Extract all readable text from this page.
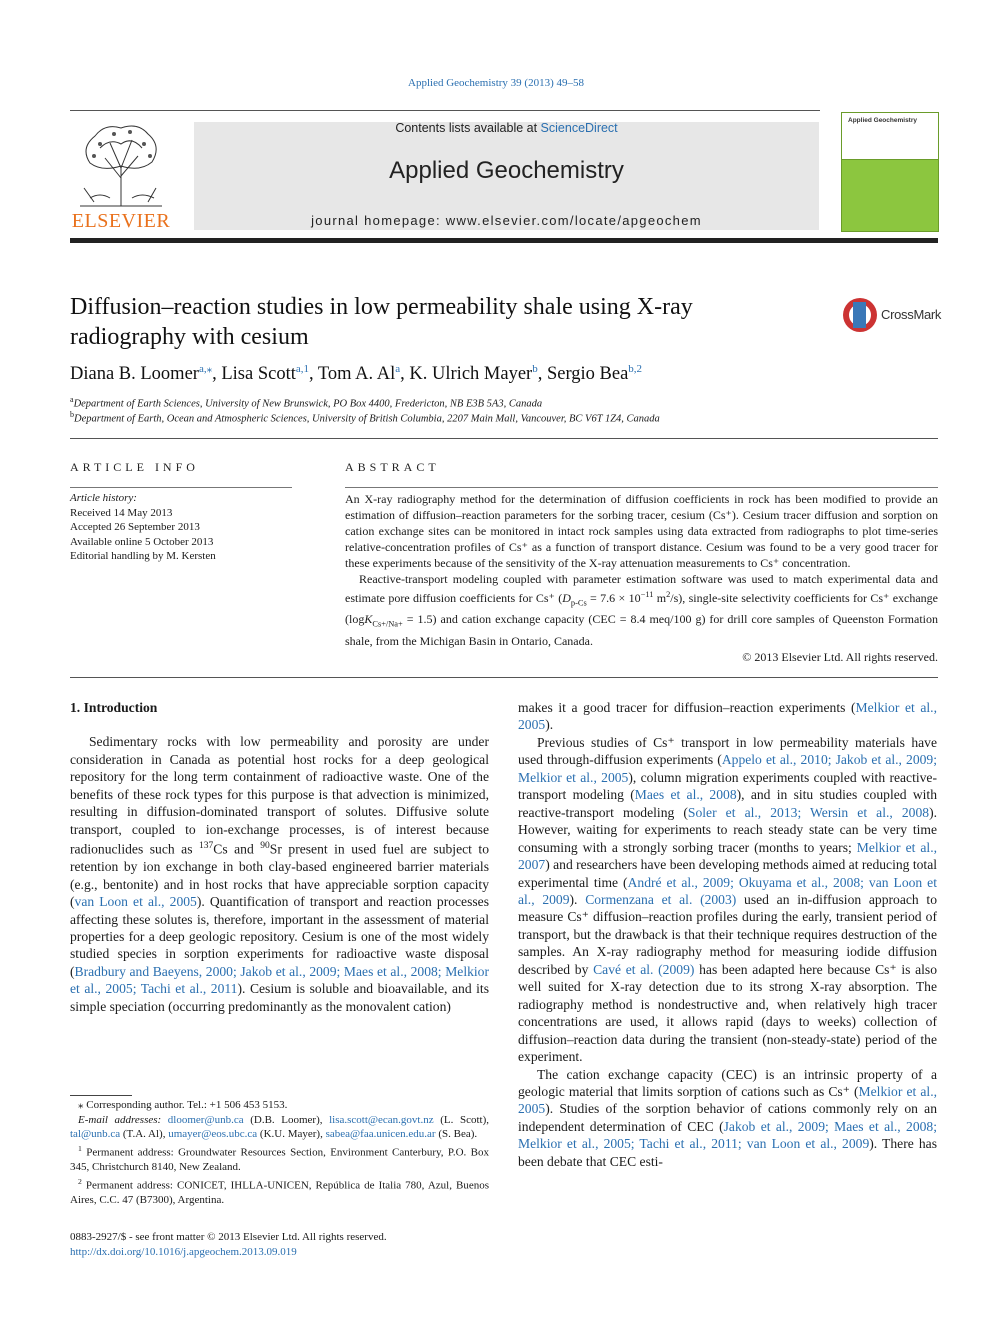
Applied Geochemistry 39 (2013) 49–58
ELSEVIER
Contents lists available at ScienceDirect
Applied Geochemistry
journal homepage: www.elsevier.com/locate/apgeochem
Applied Geochemistry
Diffusion–reaction studies in low permeability shale using X-ray radiography with cesium
CrossMark
Diana B. Loomer$^{a,⁎}$, Lisa Scott$^{a,1}$, Tom A. Al$^a$, K. Ulrich Mayer$^b$, Sergio Bea$^{b,2}$
$^a$Department of Earth Sciences, University of New Brunswick, PO Box 4400, Fredericton, NB E3B 5A3, Canada
$^b$Department of Earth, Ocean and Atmospheric Sciences, University of British Columbia, 2207 Main Mall, Vancouver, BC V6T 1Z4, Canada
ARTICLE INFO
Article history:
Received 14 May 2013
Accepted 26 September 2013
Available online 5 October 2013
Editorial handling by M. Kersten
ABSTRACT

An X-ray radiography method for the determination of diffusion coefficients in rock has been modified to provide an estimation of diffusion–reaction parameters for the sorbing tracer, cesium (Cs⁺). Cesium tracer diffusion and sorption on cation exchange sites can be monitored in intact rock samples using data extracted from radiographs to plot time-series relative-concentration profiles of Cs⁺ as a function of transport distance. Cesium was found to be a very good tracer for these experiments because of the sensitivity of the X-ray attenuation measurements to Cs⁺ concentration.

Reactive-transport modeling coupled with parameter estimation software was used to match experimental data and estimate pore diffusion coefficients for Cs⁺ ($D_{p-Cs} = 7.6 \times 10^{-11}$ $m^2/s$), single-site selectivity coefficients for Cs⁺ exchange (logK$_{Cs+/Na+}$ = 1.5) and cation exchange capacity (CEC = 8.4 meq/100 g) for drill core samples of Queenston Formation shale, from the Michigan Basin in Ontario, Canada.

© 2013 Elsevier Ltd. All rights reserved.
1. Introduction

Sedimentary rocks with low permeability and porosity are under consideration in Canada as potential host rocks for a deep geological repository for the long term containment of radioactive waste. One of the benefits of these rock types for this purpose is that advection is minimized, resulting in diffusion-dominated transport of solutes. Diffusive solute transport, coupled to ion-exchange processes, is of interest because radionuclides such as $^{137}$Cs and $^{90}$Sr present in used fuel are subject to retention by ion exchange in both clay-based engineered barrier materials (e.g., bentonite) and in host rocks that have appreciable sorption capacity (van Loon et al., 2005). Quantification of transport and reaction processes affecting these solutes is, therefore, important in the assessment of material properties for a deep geologic repository. Cesium is one of the most widely studied species in sorption experiments for radioactive waste disposal (Bradbury and Baeyens, 2000; Jakob et al., 2009; Maes et al., 2008; Melkior et al., 2005; Tachi et al., 2011). Cesium is soluble and bioavailable, and its simple speciation (occurring predominantly as the monovalent cation)

⁎ Corresponding author. Tel.: +1 506 453 5153.

E-mail addresses: dloomer@unb.ca (D.B. Loomer), lisa.scott@ecan.govt.nz (L. Scott), tal@unb.ca (T.A. Al), umayer@eos.ubc.ca (K.U. Mayer), sabea@faa.unicen.edu.ar (S. Bea).

$^1$ Permanent address: Groundwater Resources Section, Environment Canterbury, P.O. Box 345, Christchurch 8140, New Zealand.

$^2$ Permanent address: CONICET, IHLLA-UNICEN, República de Italia 780, Azul, Buenos Aires, C.C. 47 (B7300), Argentina.

0883-2927/$ - see front matter © 2013 Elsevier Ltd. All rights reserved.
http://dx.doi.org/10.1016/j.apgeochem.2013.09.019

makes it a good tracer for diffusion–reaction experiments (Melkior et al., 2005).

Previous studies of Cs⁺ transport in low permeability materials have used through-diffusion experiments (Appelo et al., 2010; Jakob et al., 2009; Melkior et al., 2005), column migration experiments coupled with reactive-transport modeling (Maes et al., 2008), and in situ studies coupled with reactive-transport modeling (Soler et al., 2013; Wersin et al., 2008). However, waiting for experiments to reach steady state can be very time consuming with a strongly sorbing tracer (months to years; Melkior et al., 2007) and researchers have been developing methods aimed at reducing total experimental time (André et al., 2009; Okuyama et al., 2008; van Loon et al., 2009). Cormenzana et al. (2003) used an in-diffusion approach to measure Cs⁺ diffusion–reaction profiles during the early, transient period of transport, but the drawback is that their technique requires destruction of the samples. An X-ray radiography method for measuring iodide diffusion described by Cavé et al. (2009) has been adapted here because Cs⁺ is also well suited for X-ray detection due to its strong X-ray absorption. The radiography method is nondestructive and, when relatively high tracer concentrations are used, it allows rapid (days to weeks) collection of diffusion–reaction data during the transient (non-steady-state) period of the experiment.

The cation exchange capacity (CEC) is an intrinsic property of a geologic material that limits sorption of cations such as Cs⁺ (Melkior et al., 2005). Studies of the sorption behavior of cations commonly rely on an independent determination of CEC (Jakob et al., 2009; Maes et al., 2008; Melkior et al., 2005; Tachi et al., 2011; van Loon et al., 2009). There has been debate that CEC esti-
